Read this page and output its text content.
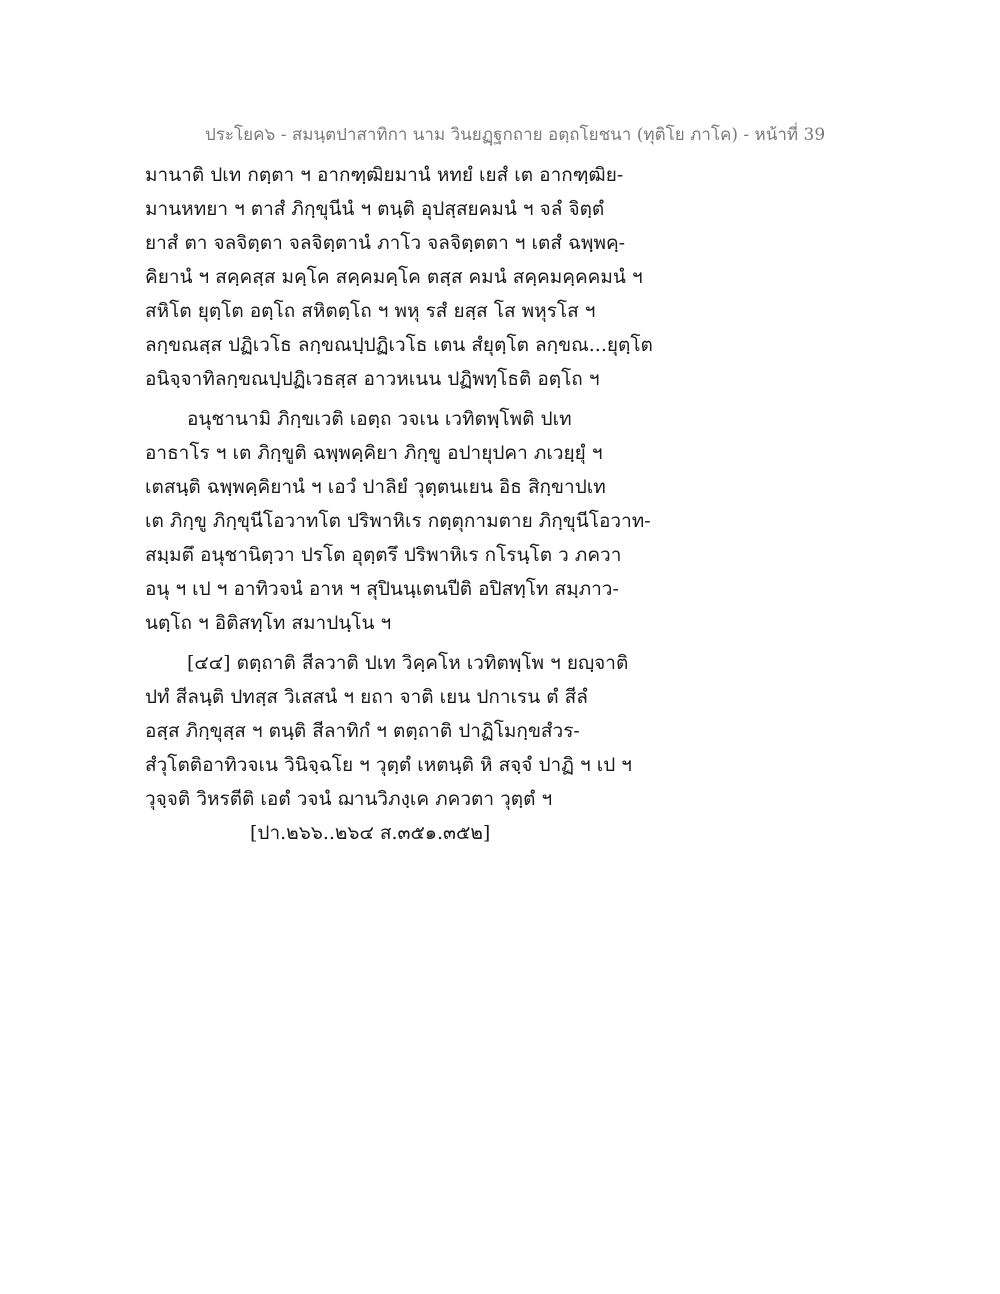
ประโยค๖ - สมนฺตปาสาทิกา นาม วินยฏฺฐกถาย อตฺถโยชนา (ทุติโย ภาโค) - หน้าที่ 39
มานาติ ปเท กตฺตา ฯ อากฑฺฒิยมานํ หทยํ เยสํ เต อากฑฺฒิย-
มานหทยา ฯ ตาสํ ภิกฺขุนีนํ ฯ ตนฺติ อุปสฺสยคมนํ ฯ จลํ จิตฺตํ
ยาสํ ตา จลจิตฺตา จลจิตฺตานํ ภาโว จลจิตฺตตา ฯ เตสํ ฉพฺพคฺ-
คิยานํ ฯ สคฺคสฺส มคฺโค สคฺคมคฺโค ตสฺส คมนํ สคฺคมคฺคคมนํ ฯ
สหิโต ยุตฺโต อตฺโถ สหิตตฺโถ ฯ พหุ รสํ ยสฺส โส พหุรโส ฯ
ลกฺขณสฺส ปฏิเวโธ ลกฺขณปฺปฏิเวโธ เตน สํยุตฺโต ลกฺขณ...ยุตฺโต
อนิจฺจาทิลกฺขณปฺปฏิเวธสฺส อาวหเนน ปฏิพทฺโธติ อตฺโถ ฯ
อนุชานามิ ภิกฺขเวติ เอตฺถ วจเน เวทิตพฺโพติ ปเท
อาธาโร ฯ เต ภิกฺขูติ ฉพฺพคฺคิยา ภิกฺขู อปายุปคา ภเวยฺยุํ ฯ
เตสนฺติ ฉพฺพคฺคิยานํ ฯ เอวํ ปาลิยํ วุตฺตนเยน อิธ สิกฺขาปเท
เต ภิกฺขู ภิกฺขุนีโอวาทโต ปริพาหิเร กตฺตุกามตาย ภิกฺขุนีโอวาท-
สมฺมตึ อนุชานิตฺวา ปรโต อุตฺตรึ ปริพาหิเร กโรนฺโต ว ภควา
อนุ ฯ เป ฯ อาทิวจนํ อาห ฯ สุปินนฺเตนปีติ อปิสทฺโท สมฺภาว-
นตฺโถ ฯ อิติสทฺโท สมาปนฺโน ฯ
[๔๔] ตตฺถาติ สีลวาติ ปเท วิคฺคโห เวทิตพฺโพ ฯ ยญฺจาติ
ปทํ สีลนฺติ ปทสฺส วิเสสนํ ฯ ยถา จาติ เยน ปกาเรน ตํ สีลํ
อสฺส ภิกฺขุสฺส ฯ ตนฺติ สีลาทิกํ ฯ ตตฺถาติ ปาฏิโมกฺขสํวร-
สํวุโตติอาทิวจเน วินิจฺฉโย ฯ วุตฺตํ เหตนฺติ หิ สจฺจํ ปาฏิ ฯ เป ฯ
วุจฺจติ วิหรตีติ เอตํ วจนํ ฌานวิภงฺเค ภควตา วุตฺตํ ฯ
[ปา.๒๖๖..๒๖๔ ส.๓๕๑.๓๕๒]
